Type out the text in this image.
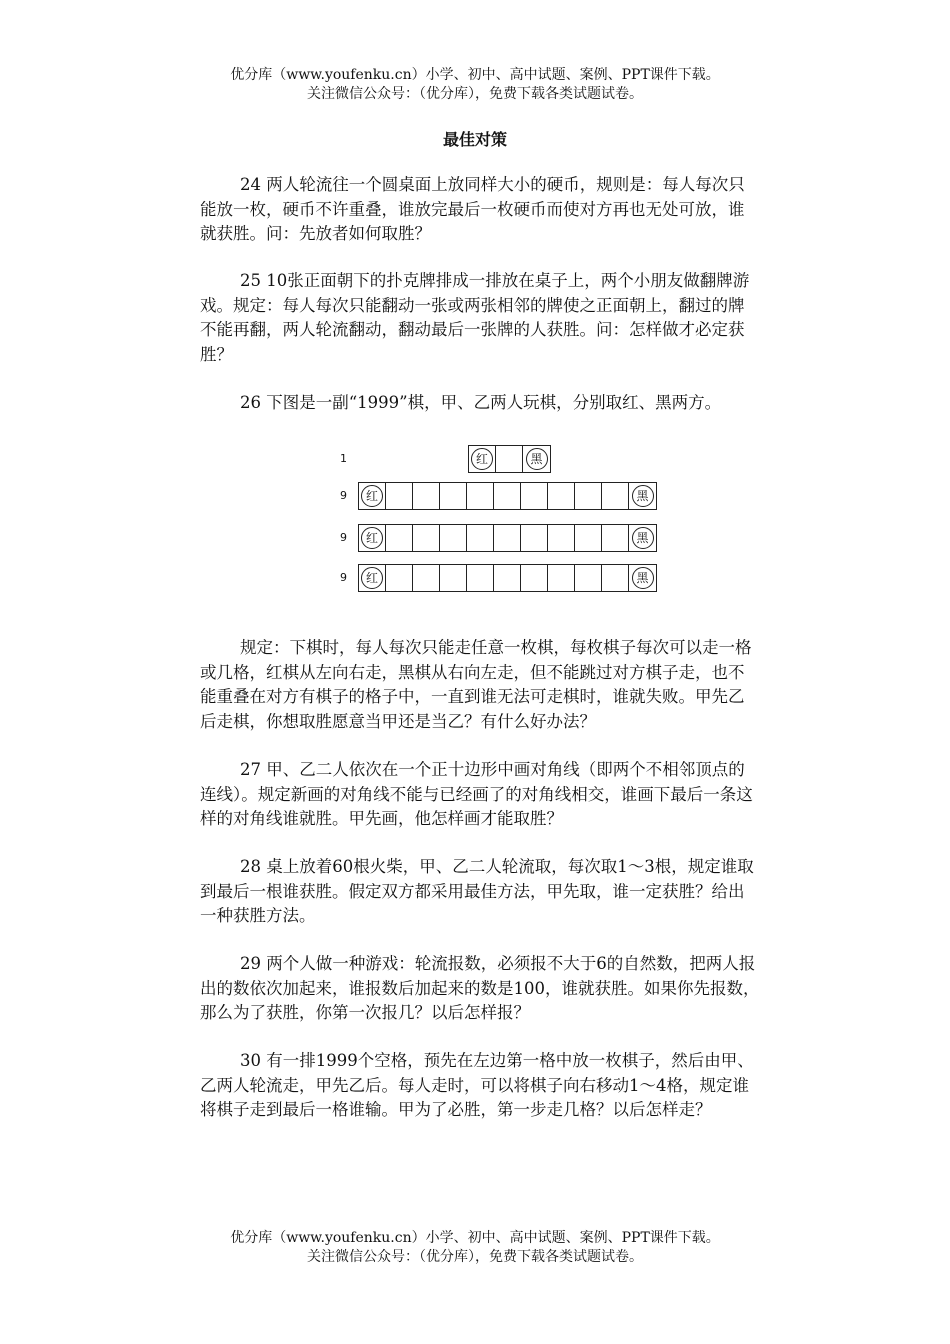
优分库（www.youfenku.cn）小学、初中、高中试题、案例、PPT课件下载。
关注微信公众号：（优分库），免费下载各类试题试卷。
最佳对策

24 两人轮流往一个圆桌面上放同样大小的硬币，规则是：每人每次只能放一枚，硬币不许重叠，谁放完最后一枚硬币而使对方再也无处可放，谁就获胜。问：先放者如何取胜？

25 10张正面朝下的扑克牌排成一排放在桌子上，两个小朋友做翻牌游戏。规定：每人每次只能翻动一张或两张相邻的牌使之正面朝上，翻过的牌不能再翻，两人轮流翻动，翻动最后一张牌的人获胜。问：怎样做才必定获胜？

26 下图是一副“1999”棋，甲、乙两人玩棋，分别取红、黑两方。

1	红	黑
9	红	黑
9	红	黑
9	红	黑

规定：下棋时，每人每次只能走任意一枚棋，每枚棋子每次可以走一格或几格，红棋从左向右走，黑棋从右向左走，但不能跳过对方棋子走，也不能重叠在对方有棋子的格子中，一直到谁无法可走棋时，谁就失败。甲先乙后走棋，你想取胜愿意当甲还是当乙？有什么好办法？

27 甲、乙二人依次在一个正十边形中画对角线（即两个不相邻顶点的连线）。规定新画的对角线不能与已经画了的对角线相交，谁画下最后一条这样的对角线谁就胜。甲先画，他怎样画才能取胜？

28 桌上放着60根火柴，甲、乙二人轮流取，每次取1～3根，规定谁取到最后一根谁获胜。假定双方都采用最佳方法，甲先取，谁一定获胜？给出一种获胜方法。

29 两个人做一种游戏：轮流报数，必须报不大于6的自然数，把两人报出的数依次加起来，谁报数后加起来的数是100，谁就获胜。如果你先报数，那么为了获胜，你第一次报几？以后怎样报？

30 有一排1999个空格，预先在左边第一格中放一枚棋子，然后由甲、乙两人轮流走，甲先乙后。每人走时，可以将棋子向右移动1～4格，规定谁将棋子走到最后一格谁输。甲为了必胜，第一步走几格？以后怎样走？

优分库（www.youfenku.cn）小学、初中、高中试题、案例、PPT课件下载。
关注微信公众号：（优分库），免费下载各类试题试卷。
